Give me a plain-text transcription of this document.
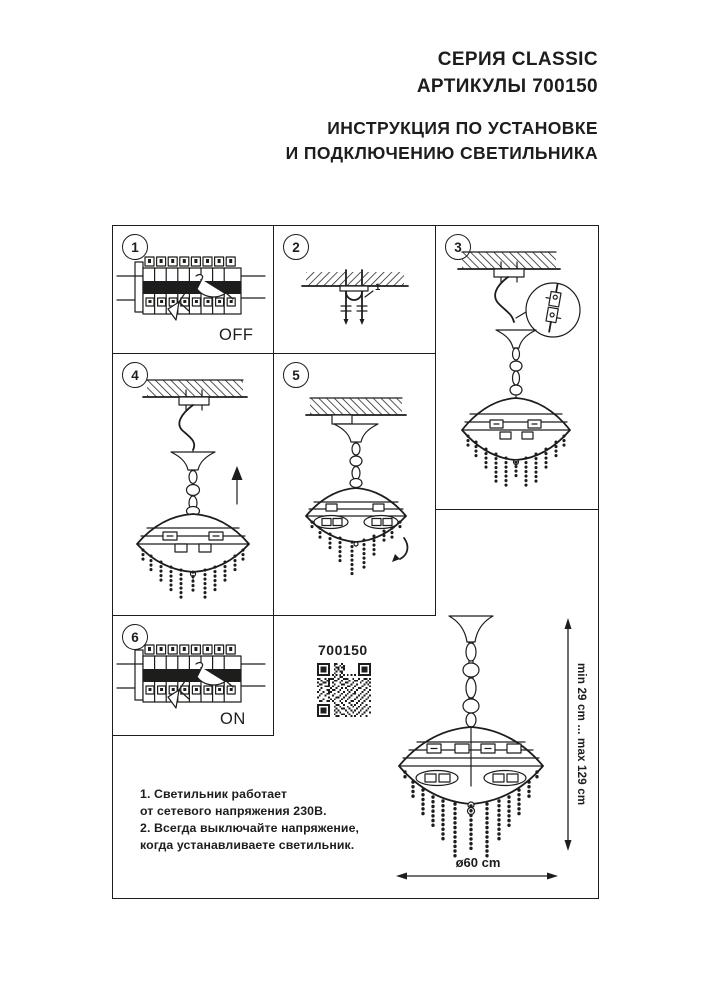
СЕРИЯ CLASSIC
АРТИКУЛЫ 700150
ИНСТРУКЦИЯ ПО УСТАНОВКЕ
И ПОДКЛЮЧЕНИЮ СВЕТИЛЬНИКА
1
OFF
2
1
3
4	5
6
ON
700150
min 29 cm ... max 129 cm
ø60 cm
1. Светильник работает
от сетевого напряжения 230В.
2. Всегда выключайте напряжение,
когда устанавливаете светильник.
